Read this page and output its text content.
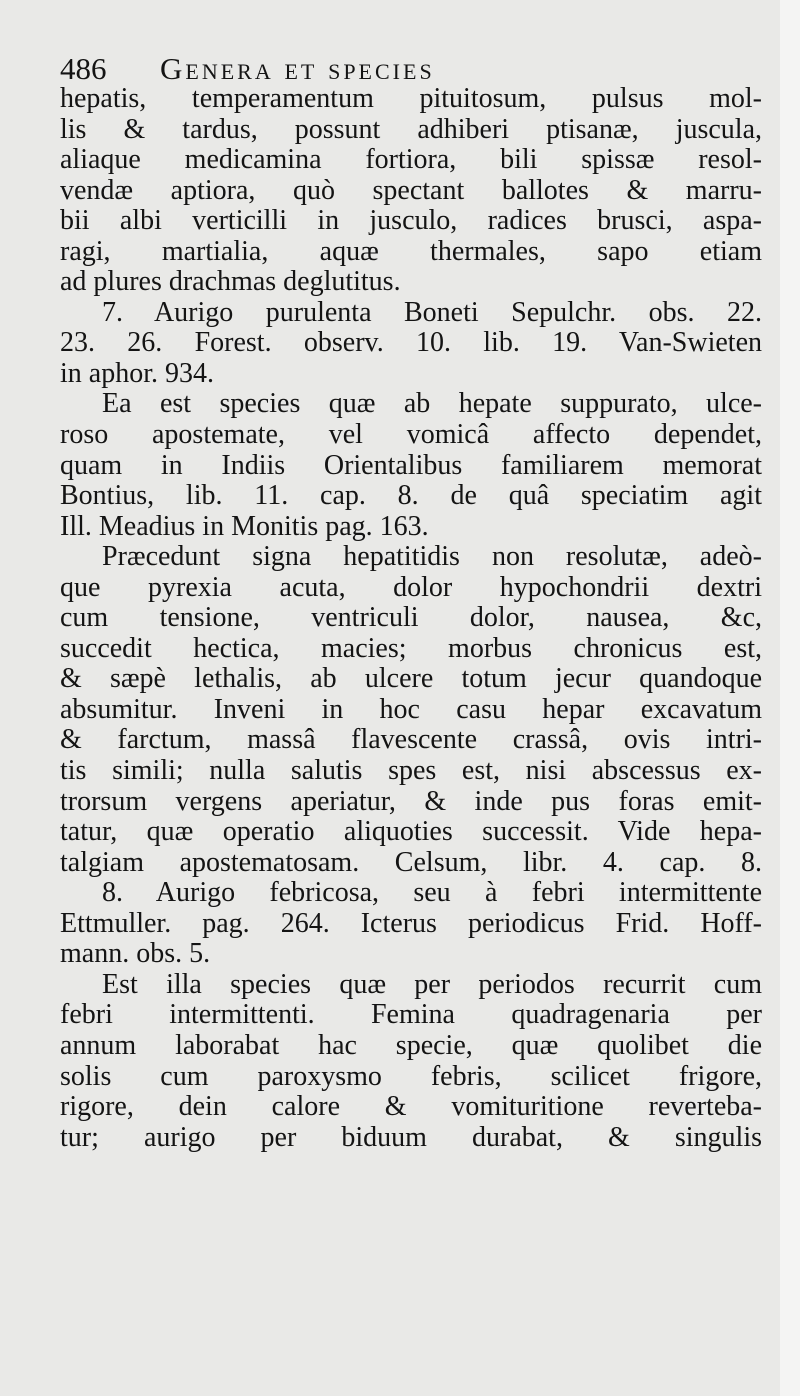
486 Genera et species
hepatis, temperamentum pituitosum, pulsus mol-
lis & tardus, possunt adhiberi ptisanæ, juscula,
aliaque medicamina fortiora, bili spissæ resol-
vendæ aptiora, quò spectant ballotes & marru-
bii albi verticilli in jusculo, radices brusci, aspa-
ragi, martialia, aquæ thermales, sapo etiam
ad plures drachmas deglutitus.
7. Aurigo purulenta Boneti Sepulchr. obs. 22.
23. 26. Forest. observ. 10. lib. 19. Van-Swieten
in aphor. 934.
Ea est species quæ ab hepate suppurato, ulce-
roso apostemate, vel vomicâ affecto dependet,
quam in Indiis Orientalibus familiarem memorat
Bontius, lib. 11. cap. 8. de quâ speciatim agit
Ill. Meadius in Monitis pag. 163.
Præcedunt signa hepatitidis non resolutæ, adeò-
que pyrexia acuta, dolor hypochondrii dextri
cum tensione, ventriculi dolor, nausea, &c,
succedit hectica, macies; morbus chronicus est,
& sæpè lethalis, ab ulcere totum jecur quandoque
absumitur. Inveni in hoc casu hepar excavatum
& farctum, massâ flavescente crassâ, ovis intri-
tis simili; nulla salutis spes est, nisi abscessus ex-
trorsum vergens aperiatur, & inde pus foras emit-
tatur, quæ operatio aliquoties successit. Vide hepa-
talgiam apostematosam. Celsum, libr. 4. cap. 8.
8. Aurigo febricosa, seu à febri intermittente
Ettmuller. pag. 264. Icterus periodicus Frid. Hoff-
mann. obs. 5.
Est illa species quæ per periodos recurrit cum
febri intermittenti. Femina quadragenaria per
annum laborabat hac specie, quæ quolibet die
solis cum paroxysmo febris, scilicet frigore,
rigore, dein calore & vomituritione reverteba-
tur; aurigo per biduum durabat, & singulis
